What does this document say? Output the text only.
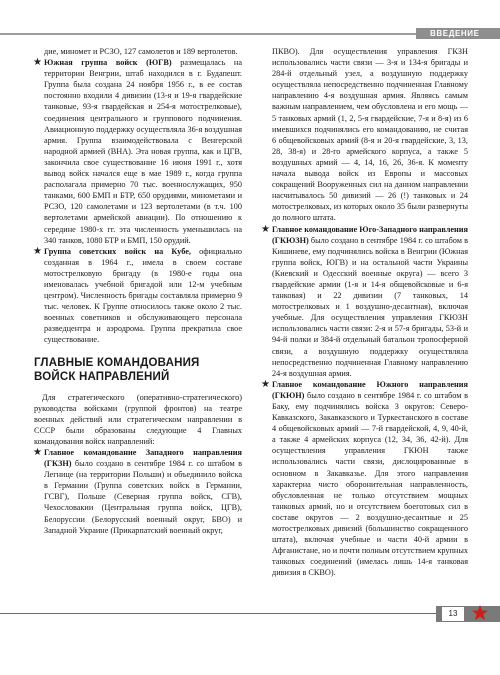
ВВЕДЕНИЕ

дие, миномет и РСЗО, 127 самолетов и 189 вертолетов.

★ Южная группа войск (ЮГВ) размещалась на территории Венгрии, штаб находился в г. Будапешт. Группа была создана 24 ноября 1956 г., в ее состав постоянно входили 4 дивизии (13-я и 19-я гвардейские танковые, 93-я гвардейская и 254-я мотострелковые), соединения центрального и группового подчинения. Авиационную поддержку осуществляла 36-я воздушная армия. Группа взаимодействовала с Венгерской народной армией (ВНА). Эта новая группа, как и ЦГВ, закончила свое существование 16 июня 1991 г., хотя вывод войск начался еще в мае 1989 г., когда группа располагала примерно 70 тыс. военнослужащих, 950 танками, 600 БМП и БТР, 650 орудиями, минометами и РСЗО, 120 самолетами и 123 вертолетами (в т.ч. 100 вертолетами армейской авиации). По отношению к середине 1980-х гг. эта численность уменьшилась на 340 танков, 1080 БТР и БМП, 150 орудий.
★ Группа советских войск на Кубе, официально созданная в 1964 г., имела в своем составе мотострелковую бригаду (в 1980-е годы она именовалась учебной бригадой или 12-м учебным центром). Численность бригады составляла примерно 9 тыс. человек. К Группе относилось также около 2 тыс. военных советников и обслуживающего персонала разведцентра и аэродрома. Группа прекратила свое существование.
ГЛАВНЫЕ КОМАНДОВАНИЯ
ВОЙСК НАПРАВЛЕНИЙ

Для стратегического (оперативно-стратегического) руководства войсками (группой фронтов) на театре военных действий или стратегическом направлении в СССР были образованы следующие 4 Главных командования войск направлений:

★ Главное командование Западного направления (ГКЗН) было создано в сентябре 1984 г. со штабом в Легнице (на территории Польши) и объединило войска в Германии (Группа советских войск в Германии, ГСВГ), Польше (Северная группа войск, СГВ), Чехословакии (Центральная группа войск, ЦГВ), Белоруссии (Белорусский военный округ, БВО) и Западной Украине (Прикарпатский военный округ,

ПКВО). Для осуществления управления ГКЗН использовались части связи — 3-я и 134-я бригады и 284-й отдельный узел, а воздушную поддержку осуществляла непосредственно подчиненная Главному направлению 4-я воздушная армия. Являясь самым важным направлением, чем обусловлена и его мощь — 5 танковых армий (1, 2, 5-я гвардейские, 7-я и 8-я) из 6 имевшихся подчинялись его командованию, не считая 6 общевойсковых армий (8-я и 20-я гвардейские, 3, 13, 28, 38-я) и 28-го армейского корпуса, а также 5 воздушных армий — 4, 14, 16, 26, 36-я. К моменту начала вывода войск из Европы и массовых сокращений Вооруженных сил на данном направлении насчитывалось 50 дивизий — 26 (!) танковых и 24 мотострелковых, из которых около 35 были развернуты до полного штата.

★ Главное командование Юго-Западного направления (ГКЮЗН) было создано в сентябре 1984 г. со штабом в Кишиневе, ему подчинялись войска в Венгрии (Южная группа войск, ЮГВ) и на остальной части Украины (Киевский и Одесский военные округа) — всего 3 гвардейские армии (1-я и 14-я общевойсковые и 6-я танковая) и 22 дивизии (7 танковых, 14 мотострелковых и 1 воздушно-десантная), включая учебные. Для осуществления управления ГКЮЗН использовались части связи: 2-я и 57-я бригады, 53-й и 94-й полки и 384-й отдельный батальон тропосферной связи, а воздушную поддержку осуществляла непосредственно подчиненная Главному направлению 24-я воздушная армия.
★ Главное командование Южного направления (ГКЮН) было создано в сентябре 1984 г. со штабом в Баку, ему подчинялись войска 3 округов: Северо-Кавказского, Закавказского и Туркестанского в составе 4 общевойсковых армий — 7-й гвардейской, 4, 9, 40-й, а также 4 армейских корпуса (12, 34, 36, 42-й). Для осуществления управления ГКЮН также использовались части связи, дислоцированные в основном в Закавказье. Для этого направления характерна чисто оборонительная направленность, обусловленная не только отсутствием мощных танковых армий, но и отсутствием боеготовых сил в составе округов — 2 воздушно-десантные и 25 мотострелковых дивизий (большинство сокращенного штата), включая учебные и части 40-й армии в Афганистане, но и почти полным отсутствием крупных танковых соединений (имелась лишь 14-я танковая дивизия в СКВО).
13
